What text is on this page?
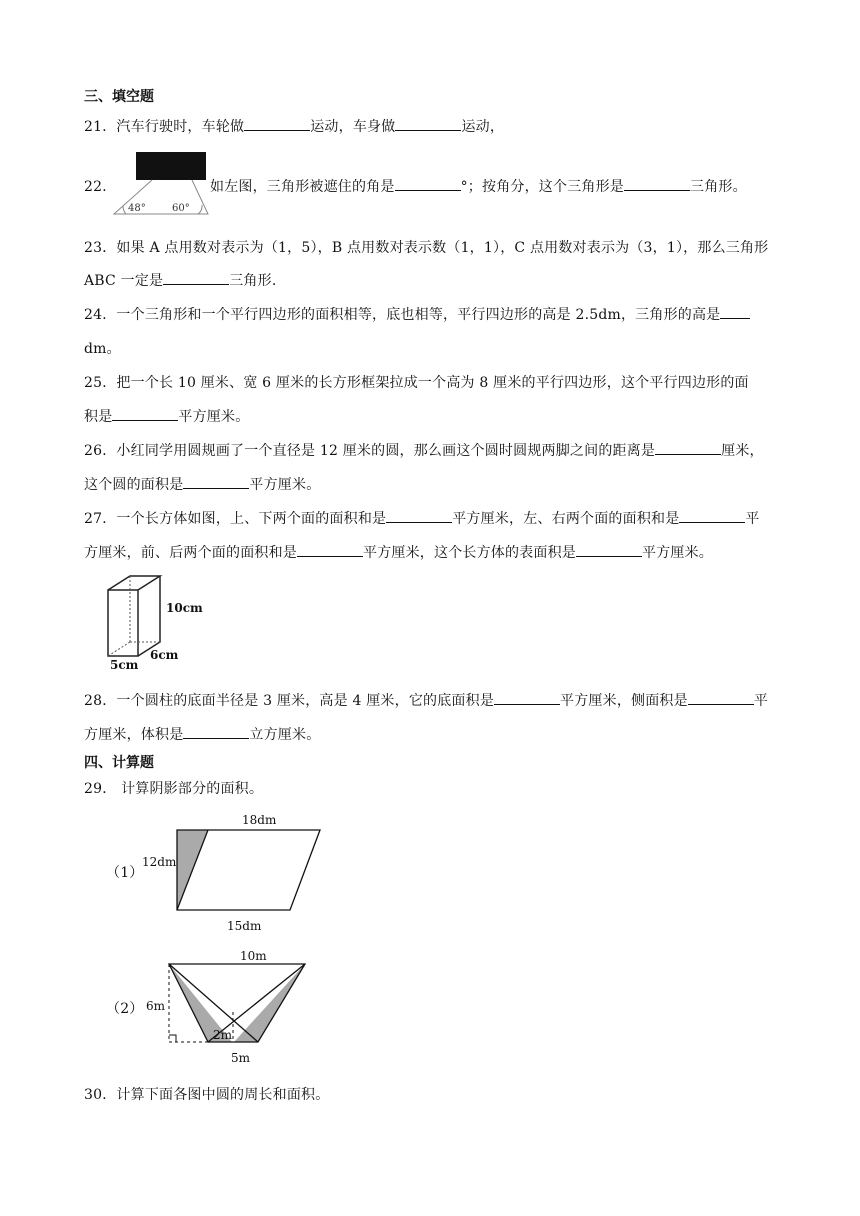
三、填空题
21．汽车行驶时，车轮做	运动，车身做	运动，
22．
48°	60°
如左图，三角形被遮住的角是	°；按角分，这个三角形是	三角形。
23．如果 A 点用数对表示为（1，5），B 点用数对表示数（1，1），C 点用数对表示为（3，1），那么三角形
ABC 一定是	三角形.
24．一个三角形和一个平行四边形的面积相等，底也相等，平行四边形的高是 2.5dm，三角形的高是
dm。
25．把一个长 10 厘米、宽 6 厘米的长方形框架拉成一个高为 8 厘米的平行四边形，这个平行四边形的面
积是	平方厘米。
26．小红同学用圆规画了一个直径是 12 厘米的圆，那么画这个圆时圆规两脚之间的距离是	厘米，
这个圆的面积是	平方厘米。
27．一个长方体如图，上、下两个面的面积和是	平方厘米，左、右两个面的面积和是	平
方厘米，前、后两个面的面积和是	平方厘米，这个长方体的表面积是	平方厘米。
10cm
6cm
5cm
28．一个圆柱的底面半径是 3 厘米，高是 4 厘米，它的底面积是	平方厘米，侧面积是	平
方厘米，体积是	立方厘米。
四、计算题
29． 计算阴影部分的面积。
（1）
18dm
12dm
15dm
（2）
10m
6m
2m
5m
30．计算下面各图中圆的周长和面积。
